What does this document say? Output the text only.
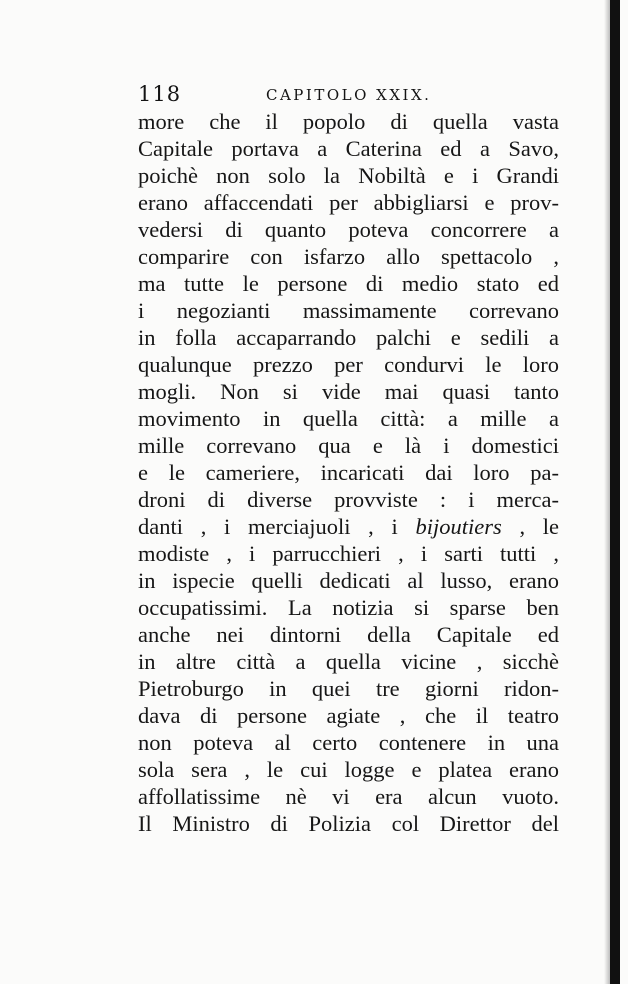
118	CAPITOLO XXIX.
more che il popolo di quella vasta
Capitale portava a Caterina ed a Savo,
poichè non solo la Nobiltà e i Grandi
erano affaccendati per abbigliarsi e prov-
vedersi di quanto poteva concorrere a
comparire con isfarzo allo spettacolo ,
ma tutte le persone di medio stato ed
i negozianti massimamente correvano
in folla accaparrando palchi e sedili a
qualunque prezzo per condurvi le loro
mogli. Non si vide mai quasi tanto
movimento in quella città: a mille a
mille correvano qua e là i domestici
e le cameriere, incaricati dai loro pa-
droni di diverse provviste : i merca-
danti , i merciajuoli , i bijoutiers , le
modiste , i parrucchieri , i sarti tutti ,
in ispecie quelli dedicati al lusso, erano
occupatissimi. La notizia si sparse ben
anche nei dintorni della Capitale ed
in altre città a quella vicine , sicchè
Pietroburgo in quei tre giorni ridon-
dava di persone agiate , che il teatro
non poteva al certo contenere in una
sola sera , le cui logge e platea erano
affollatissime nè vi era alcun vuoto.
Il Ministro di Polizia col Direttor del
